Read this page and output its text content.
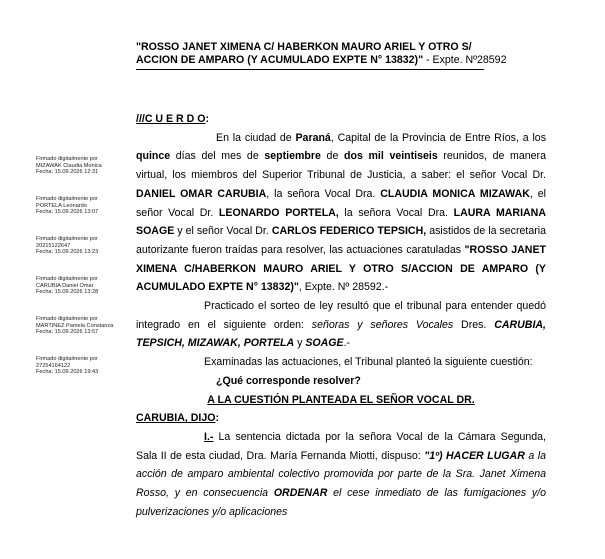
"ROSSO JANET XIMENA C/ HABERKON MAURO ARIEL Y OTRO S/
ACCION DE AMPARO (Y ACUMULADO EXPTE N° 13832)" - Expte. Nº28592
Firmado digitalmente por
MIZAWAK Claudia Monica
Fecha: 15.09.2026 12:31
Firmado digitalmente por
PORTELA Leonardo
Fecha: 15.09.2026 13:07
Firmado digitalmente por
20215122647
Fecha: 15.09.2026 13:23
Firmado digitalmente por
CARUBIA Daniel Omar
Fecha: 15.09.2026 13:28
Firmado digitalmente por
MARTINEZ Pamela Constanza
Fecha: 15.09.2026 13:57
Firmado digitalmente por
27254164122
Fecha: 15.09.2026 19:43

///C U E R D O:

En la ciudad de Paraná, Capital de la Provincia de Entre Ríos, a los quince días del mes de septiembre de dos mil veintiseis reunidos, de manera virtual, los miembros del Superior Tribunal de Justicia, a saber: el señor Vocal Dr. DANIEL OMAR CARUBIA, la señora Vocal Dra. CLAUDIA MONICA MIZAWAK, el señor Vocal Dr. LEONARDO PORTELA, la señora Vocal Dra. LAURA MARIANA SOAGE y el señor Vocal Dr. CARLOS FEDERICO TEPSICH, asistidos de la secretaria autorizante fueron traídas para resolver, las actuaciones caratuladas "ROSSO JANET XIMENA C/HABERKON MAURO ARIEL Y OTRO S/ACCION DE AMPARO (Y ACUMULADO EXPTE N° 13832)", Expte. Nº 28592.-

Practicado el sorteo de ley resultó que el tribunal para entender quedó integrado en el siguiente orden: señoras y señores Vocales Dres. CARUBIA, TEPSICH, MIZAWAK, PORTELA y SOAGE.-

Examinadas las actuaciones, el Tribunal planteó la siguiente cuestión:

¿Qué corresponde resolver?

A LA CUESTIÓN PLANTEADA EL SEÑOR VOCAL DR.

CARUBIA, DIJO:

I.- La sentencia dictada por la señora Vocal de la Cámara Segunda, Sala II de esta ciudad, Dra. María Fernanda Miotti, dispuso: "1º) HACER LUGAR a la acción de amparo ambiental colectivo promovida por parte de la Sra. Janet Ximena Rosso, y en consecuencia ORDENAR el cese inmediato de las fumigaciones y/o pulverizaciones y/o aplicaciones
